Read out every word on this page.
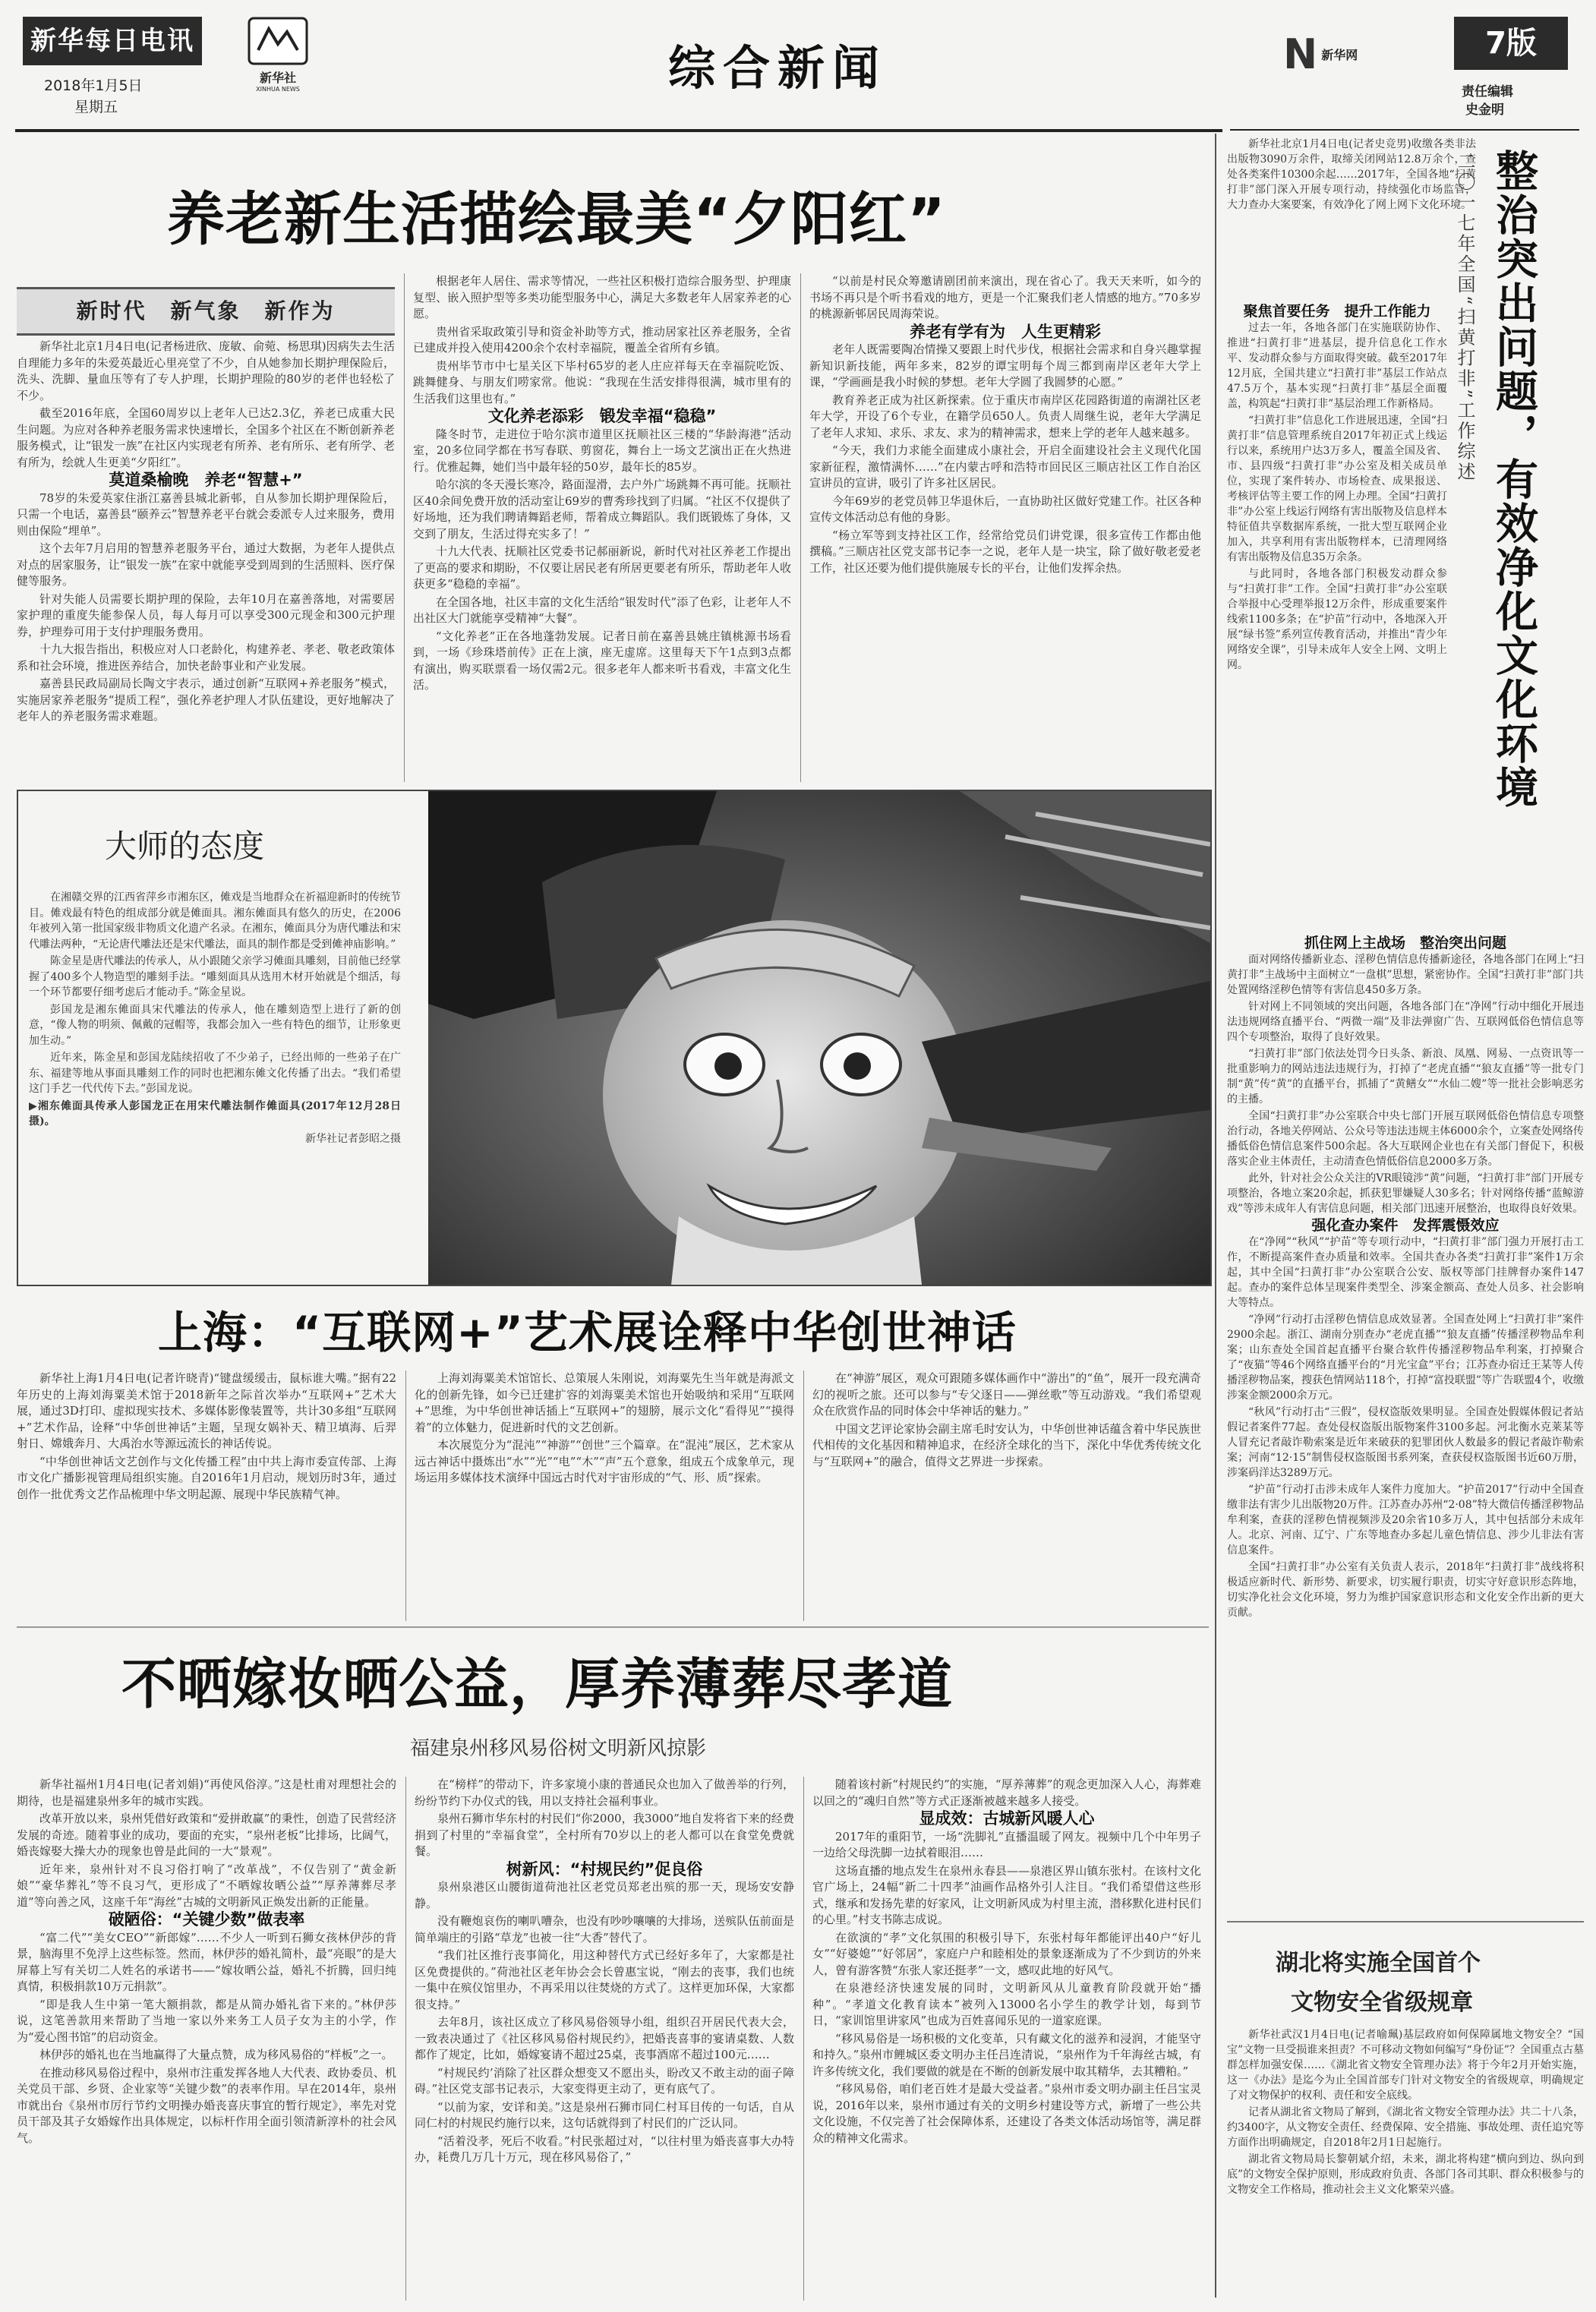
新华每日电讯
2018年1月5日
星期五
新华社
XINHUA NEWS	综合新闻	N 新华网	7版
责任编辑
史金明
养老新生活描绘最美“夕阳红”
新时代　新气象　新作为

新华社北京1月4日电(记者杨进欣、庞敏、俞菀、杨思琪)因病失去生活自理能力多年的朱爱英最近心里亮堂了不少，自从她参加长期护理保险后，洗头、洗脚、量血压等有了专人护理，长期护理险的80岁的老伴也轻松了不少。

截至2016年底，全国60周岁以上老年人已达2.3亿，养老已成重大民生问题。为应对各种养老服务需求快速增长，全国多个社区在不断创新养老服务模式，让“银发一族”在社区内实现老有所养、老有所乐、老有所学、老有所为，绘就人生更美“夕阳红”。

莫道桑榆晚　养老“智慧+”

78岁的朱爱英家住浙江嘉善县城北新邨，自从参加长期护理保险后，只需一个电话，嘉善县“颐养云”智慧养老平台就会委派专人过来服务，费用则由保险“埋单”。

这个去年7月启用的智慧养老服务平台，通过大数据，为老年人提供点对点的居家服务，让“银发一族”在家中就能享受到周到的生活照料、医疗保健等服务。

针对失能人员需要长期护理的保险，去年10月在嘉善落地，对需要居家护理的重度失能参保人员，每人每月可以享受300元现金和300元护理券，护理券可用于支付护理服务费用。

十九大报告指出，积极应对人口老龄化，构建养老、孝老、敬老政策体系和社会环境，推进医养结合，加快老龄事业和产业发展。

嘉善县民政局副局长陶文宇表示，通过创新“互联网+养老服务”模式，实施居家养老服务“提质工程”，强化养老护理人才队伍建设，更好地解决了老年人的养老服务需求难题。

根据老年人居住、需求等情况，一些社区积极打造综合服务型、护理康复型、嵌入照护型等多类功能型服务中心，满足大多数老年人居家养老的心愿。

贵州省采取政策引导和资金补助等方式，推动居家社区养老服务，全省已建成并投入使用4200余个农村幸福院，覆盖全省所有乡镇。

贵州毕节市中七星关区下毕村65岁的老人庄应祥每天在幸福院吃饭、跳舞健身、与朋友们唠家常。他说：“我现在生活安排得很满，城市里有的生活我们这里也有。”

文化养老添彩　锻发幸福“稳稳”

隆冬时节，走进位于哈尔滨市道里区抚顺社区三楼的“华龄海港”活动室，20多位同学都在书写春联、剪窗花，舞台上一场文艺演出正在火热进行。优雅起舞，她们当中最年轻的50岁，最年长的85岁。

哈尔滨的冬天漫长寒冷，路面湿滑，去户外广场跳舞不再可能。抚顺社区40余间免费开放的活动室让69岁的曹秀珍找到了归属。“社区不仅提供了好场地，还为我们聘请舞蹈老师，帮着成立舞蹈队。我们既锻炼了身体，又交到了朋友，生活过得充实多了！”

十九大代表、抚顺社区党委书记郝丽新说，新时代对社区养老工作提出了更高的要求和期盼，不仅要让居民老有所居更要老有所乐，帮助老年人收获更多“稳稳的幸福”。

在全国各地，社区丰富的文化生活给“银发时代”添了色彩，让老年人不出社区大门就能享受精神“大餐”。

“文化养老”正在各地蓬勃发展。记者日前在嘉善县姚庄镇桃源书场看到，一场《珍珠塔前传》正在上演，座无虚席。这里每天下午1点到3点都有演出，购买联票看一场仅需2元。很多老年人都来听书看戏，丰富文化生活。

“以前是村民众筹邀请剧团前来演出，现在省心了。我天天来听，如今的书场不再只是个听书看戏的地方，更是一个汇聚我们老人情感的地方。”70多岁的桃源新邨居民周海荣说。

养老有学有为　人生更精彩

老年人既需要陶冶情操又要跟上时代步伐，根据社会需求和自身兴趣掌握新知识新技能，两年多来，82岁的谭宝明每个周三都到南岸区老年大学上课，“学画画是我小时候的梦想。老年大学圆了我圆梦的心愿。”

教育养老正成为社区新探索。位于重庆市南岸区花园路街道的南湖社区老年大学，开设了6个专业，在籍学员650人。负责人周继生说，老年大学满足了老年人求知、求乐、求友、求为的精神需求，想来上学的老年人越来越多。

“今天，我们力求能全面建成小康社会，开启全面建设社会主义现代化国家新征程，激情满怀……”在内蒙古呼和浩特市回民区三顺店社区工作自治区宣讲员的宣讲，吸引了许多社区居民。

今年69岁的老党员韩卫华退休后，一直协助社区做好党建工作。社区各种宣传文体活动总有他的身影。

“杨立军等到支持社区工作，经常给党员们讲党课，很多宣传工作都由他撰稿。”三顺店社区党支部书记李一之说，老年人是一块宝，除了做好敬老爱老工作，社区还要为他们提供施展专长的平台，让他们发挥余热。

大师的态度

在湘赣交界的江西省萍乡市湘东区，傩戏是当地群众在祈福迎新时的传统节目。傩戏最有特色的组成部分就是傩面具。湘东傩面具有悠久的历史，在2006年被列入第一批国家级非物质文化遗产名录。在湘东，傩面具分为唐代雕法和宋代雕法两种，“无论唐代雕法还是宋代雕法，面具的制作都是受到傩神庙影响。”

陈金星是唐代雕法的传承人，从小跟随父亲学习傩面具雕刻，目前他已经掌握了400多个人物造型的雕刻手法。“雕刻面具从选用木材开始就是个细活，每一个环节都要仔细考虑后才能动手。”陈金星说。

彭国龙是湘东傩面具宋代雕法的传承人，他在雕刻造型上进行了新的创意，“像人物的明须、佩戴的冠帽等，我都会加入一些有特色的细节，让形象更加生动。”

近年来，陈金星和彭国龙陆续招收了不少弟子，已经出师的一些弟子在广东、福建等地从事面具雕刻工作的同时也把湘东傩文化传播了出去。“我们希望这门手艺一代代传下去。”彭国龙说。

▶湘东傩面具传承人彭国龙正在用宋代雕法制作傩面具(2017年12月28日摄)。

新华社记者彭昭之摄

上海：“互联网+”艺术展诠释中华创世神话

新华社上海1月4日电(记者许晓青)“键盘缓缓击，鼠标谁大嘴。”据有22年历史的上海刘海粟美术馆于2018新年之际首次举办“互联网+”艺术大展，通过3D打印、虚拟现实技术、多媒体影像装置等，共计30多组“互联网+”艺术作品，诠释“中华创世神话”主题，呈现女娲补天、精卫填海、后羿射日、嫦娥奔月、大禹治水等源远流长的神话传说。

“中华创世神话文艺创作与文化传播工程”由中共上海市委宣传部、上海市文化广播影视管理局组织实施。自2016年1月启动，规划历时3年，通过创作一批优秀文艺作品梳理中华文明起源、展现中华民族精气神。

上海刘海粟美术馆馆长、总策展人朱刚说，刘海粟先生当年就是海派文化的创新先锋，如今已迁建扩容的刘海粟美术馆也开始吸纳和采用“互联网+”思维，为中华创世神话插上“互联网+”的翅膀，展示文化“看得见”“摸得着”的立体魅力，促进新时代的文艺创新。

本次展览分为“混沌”“神游”“创世”三个篇章。在“混沌”展区，艺术家从远古神话中摄炼出“水”“光”“电”“木”“声”五个意象，组成五个成象单元，现场运用多媒体技术演绎中国远古时代对宇宙形成的“气、形、质”探索。

在“神游”展区，观众可跟随多媒体画作中“游出”的“鱼”，展开一段充满奇幻的视听之旅。还可以参与“专父逐日——弹丝歌”等互动游戏。“我们希望观众在欣赏作品的同时体会中华神话的魅力。”

中国文艺评论家协会副主席毛时安认为，中华创世神话蕴含着中华民族世代相传的文化基因和精神追求，在经济全球化的当下，深化中华优秀传统文化与“互联网+”的融合，值得文艺界进一步探索。

不晒嫁妆晒公益，厚养薄葬尽孝道
福建泉州移风易俗树文明新风掠影

新华社福州1月4日电(记者刘娟)“再使风俗淳。”这是杜甫对理想社会的期待，也是福建泉州多年的城市实践。

改革开放以来，泉州凭借好政策和“爱拼敢赢”的秉性，创造了民营经济发展的奇迹。随着事业的成功，要面的充实，“泉州老板”比排场，比阔气，婚丧嫁娶大操大办的现象也曾是此间的一大“景观”。

近年来，泉州针对不良习俗打响了“改革战”，不仅告别了“黄金新娘”“豪华葬礼”等不良习气，更形成了“不晒嫁妆晒公益”“厚养薄葬尽孝道”等向善之风，这座千年“海丝”古城的文明新风正焕发出新的正能量。

破陋俗：“关键少数”做表率

“富二代”“美女CEO”“新郎嫁”……不少人一听到石狮女孩林伊莎的背景，脑海里不免浮上这些标签。然而，林伊莎的婚礼简朴，最“亮眼”的是大屏幕上写有关切二人姓名的承诺书——“嫁妆晒公益，婚礼不折腾，回归纯真情，积极捐款10万元捐款”。

“即是我人生中第一笔大额捐款，都是从简办婚礼省下来的。”林伊莎说，这笔善款用来帮助了当地一家以外来务工人员子女为主的小学，作为“爱心图书馆”的启动资金。

林伊莎的婚礼也在当地赢得了大量点赞，成为移风易俗的“样板”之一。

在推动移风易俗过程中，泉州市注重发挥各地人大代表、政协委员、机关党员干部、乡贤、企业家等“关键少数”的表率作用。早在2014年，泉州市就出台《泉州市厉行节约文明操办婚丧喜庆事宜的暂行规定》，率先对党员干部及其子女婚嫁作出具体规定，以标杆作用全面引领清新淳朴的社会风气。

在“榜样”的带动下，许多家境小康的普通民众也加入了做善举的行列，纷纷节约下办仪式的钱，用以支持社会福利事业。

泉州石狮市华东村的村民们“你2000，我3000”地自发将省下来的经费捐到了村里的“幸福食堂”，全村所有70岁以上的老人都可以在食堂免费就餐。

树新风：“村规民约”促良俗

泉州泉港区山腰街道荷池社区老党员郑老出殡的那一天，现场安安静静。

没有鞭炮哀伤的喇叭嘈杂，也没有吵吵嚷嚷的大排场，送殡队伍前面是简单端庄的引路“草龙”也被一往“大香”替代了。

“我们社区推行丧事简化，用这种替代方式已经好多年了，大家都是社区免费提供的。”荷池社区老年协会会长曾惠宝说，“刚去的丧事，我们也统一集中在殡仪馆里办，不再采用以往焚烧的方式了。这样更加环保，大家都很支持。”

去年8月，该社区成立了移风易俗领导小组，组织召开居民代表大会，一致表决通过了《社区移风易俗村规民约》，把婚丧喜事的宴请桌数、人数都作了规定，比如，婚嫁宴请不超过25桌，丧事酒席不超过100元……

“村规民约’消除了社区群众想变又不愿出头，盼改又不敢主动的面子障碍。”社区党支部书记表示，大家变得更主动了，更有底气了。

“以前为家，安详和美。”这是泉州石狮市同仁村耳目传的一句话，自从同仁村的村规民约施行以来，这句话就得到了村民们的广泛认同。

“活着没孝，死后不收看。”村民张超过对，“以往村里为婚丧喜事大办特办，耗费几万几十万元，现在移风易俗了，”

随着该村新“村规民约”的实施，“厚养薄葬”的观念更加深入人心，海葬难以回之的“魂归自然”等方式正逐渐被越来越多人接受。

显成效：古城新风暖人心

2017年的重阳节，一场“洗脚礼”直播温暖了网友。视频中几个中年男子一边给父母洗脚一边拭着眼泪……

这场直播的地点发生在泉州永春县——泉港区界山镇东张村。在该村文化官广场上，24幅“新二十四孝”油画作品格外引人注目。“我们希望借这些形式，继承和发扬先辈的好家风，让文明新风成为村里主流，潜移默化进村民们的心里。”村支书陈志成说。

在欲演的“孝”文化氛围的积极引导下，东张村每年都能评出40户“好儿女”“好婆媳”“好邻居”，家庭户户和睦相处的景象逐渐成为了不少到访的外来人，曾有游客赞“东张人家还挺孝”一文，感叹此地的好风气。

在泉港经济快速发展的同时，文明新风从儿童教育阶段就开始“播种”。“孝道文化教育读本”被列入13000名小学生的教学计划，每到节日，“家训馆里讲家风”也成为百姓喜闻乐见的一道家庭课。

“移风易俗是一场积极的文化变革，只有藏文化的滋养和浸润，才能坚守和持久。”泉州市鲤城区委文明办主任吕连清说，“泉州作为千年海丝古城，有许多传统文化，我们要做的就是在不断的创新发展中取其精华，去其糟粕。”

“移风易俗，咱们老百姓才是最大受益者。”泉州市委文明办副主任吕宝灵说，2016年以来，泉州市通过有关的文明乡村建设等方式，新增了一些公共文化设施，不仅完善了社会保障体系，还建设了各类文体活动场馆等，满足群众的精神文化需求。

新华社北京1月4日电(记者史竞男)收缴各类非法出版物3090万余件，取缔关闭网站12.8万余个，查处各类案件10300余起……2017年，全国各地“扫黄打非”部门深入开展专项行动，持续强化市场监管，大力查办大案要案，有效净化了网上网下文化环境。 整治突出问题，有效净化文化环境
二〇一七年全国“扫黄打非”工作综述

聚焦首要任务　提升工作能力

过去一年，各地各部门在实施联防协作、推进“扫黄打非”进基层，提升信息化工作水平、发动群众参与方面取得突破。截至2017年12月底，全国共建立“扫黄打非”基层工作站点47.5万个，基本实现“扫黄打非”基层全面覆盖，构筑起“扫黄打非”基层治理工作新格局。

“扫黄打非”信息化工作进展迅速，全国“扫黄打非”信息管理系统自2017年初正式上线运行以来，系统用户达3万多人，覆盖全国及省、市、县四级“扫黄打非”办公室及相关成员单位，实现了案件转办、市场检查、成果报送、考核评估等主要工作的网上办理。全国“扫黄打非”办公室上线运行网络有害出版物及信息样本特征值共享数据库系统，一批大型互联网企业加入，共享利用有害出版物样本，已清理网络有害出版物及信息35万余条。

与此同时，各地各部门积极发动群众参与“扫黄打非”工作。全国“扫黄打非”办公室联合举报中心受理举报12万余件，形成重要案件线索1100多条；在“护苗”行动中，各地深入开展“绿书签”系列宣传教育活动，并推出“青少年网络安全课”，引导未成年人安全上网、文明上网。

抓住网上主战场　整治突出问题

面对网络传播新业态、淫秽色情信息传播新途径，各地各部门在网上“扫黄打非”主战场中主面树立“一盘棋”思想，紧密协作。全国“扫黄打非”部门共处置网络淫秽色情等有害信息450多万条。

针对网上不同领域的突出问题，各地各部门在“净网”行动中细化开展违法违规网络直播平台、“两微一端”及非法弹窗广告、互联网低俗色情信息等四个专项整治，取得了良好效果。

“扫黄打非”部门依法处罚今日头条、新浪、凤凰、网易、一点资讯等一批重影响力的网站违法违规行为，打掉了“老虎直播”“狼友直播”等一批专门制“黄”传“黄”的直播平台，抓捕了“黄鳝女”“水仙二嫂”等一批社会影响恶劣的主播。

全国“扫黄打非”办公室联合中央七部门开展互联网低俗色情信息专项整治行动，各地关停网站、公众号等违法违规主体6000余个，立案查处网络传播低俗色情信息案件500余起。各大互联网企业也在有关部门督促下，积极落实企业主体责任，主动清查色情低俗信息2000多万条。

此外，针对社会公众关注的VR眼镜涉“黄”问题，“扫黄打非”部门开展专项整治，各地立案20余起，抓获犯罪嫌疑人30多名；针对网络传播“蓝鲸游戏”等涉未成年人有害信息问题，相关部门迅速开展整治，也取得良好效果。

强化查办案件　发挥震慑效应

在“净网”“秋风”“护苗”等专项行动中，“扫黄打非”部门强力开展打击工作，不断提高案件查办质量和效率。全国共查办各类“扫黄打非”案件1万余起，其中全国“扫黄打非”办公室联合公安、版权等部门挂牌督办案件147起。查办的案件总体呈现案件类型全、涉案金额高、查处人员多、社会影响大等特点。

“净网”行动打击淫秽色情信息成效显著。全国查处网上“扫黄打非”案件2900余起。浙江、湖南分别查办“老虎直播”“狼友直播”传播淫秽物品牟利案；山东查处全国首起直播平台聚合软件传播淫秽物品牟利案，打掉聚合了“夜猫”等46个网络直播平台的“月光宝盒”平台；江苏查办宿迁王某等人传播淫秽物品案，搜获色情网站118个，打掉“富投联盟”等广告联盟4个，收缴涉案金额2000余万元。

“秋风”行动打击“三假”，侵权盗版效果明显。全国查处假媒体假记者站假记者案件77起。查处侵权盗版出版物案件3100多起。河北衡水克莱某等人冒充记者敲诈勒索案是近年来破获的犯罪团伙人数最多的假记者敲诈勒索案；河南“12·15”制售侵权盗版图书系列案，查获侵权盗版图书近60万册，涉案码洋达3289万元。

“护苗”行动打击涉未成年人案件力度加大。“护苗2017”行动中全国查缴非法有害少儿出版物20万件。江苏查办苏州“2·08”特大微信传播淫秽物品牟利案，查获的淫秽色情视频涉及20余省10多万人，其中包括部分未成年人。北京、河南、辽宁、广东等地查办多起儿童色情信息、涉少儿非法有害信息案件。

全国“扫黄打非”办公室有关负责人表示，2018年“扫黄打非”战线将积极适应新时代、新形势、新要求，切实履行职责，切实守好意识形态阵地，切实净化社会文化环境，努力为维护国家意识形态和文化安全作出新的更大贡献。

湖北将实施全国首个
文物安全省级规章

新华社武汉1月4日电(记者喻珮)基层政府如何保障属地文物安全？“国宝”文物一旦受损谁来担责？不可移动文物如何编写“身份证”？全国重点古墓群怎样加强安保……《湖北省文物安全管理办法》将于今年2月开始实施，这一《办法》是迄今为止全国首部专门针对文物安全的省级规章，明确规定了对文物保护的权利、责任和安全底线。

记者从湖北省文物局了解到，《湖北省文物安全管理办法》共二十八条，约3400字，从文物安全责任、经费保障、安全措施、事故处理、责任追究等方面作出明确规定，自2018年2月1日起施行。

湖北省文物局局长黎朝斌介绍，未来，湖北将构建“横向到边、纵向到底”的文物安全保护原则，形成政府负责、各部门各司其职、群众积极参与的文物安全工作格局，推动社会主义文化繁荣兴盛。
